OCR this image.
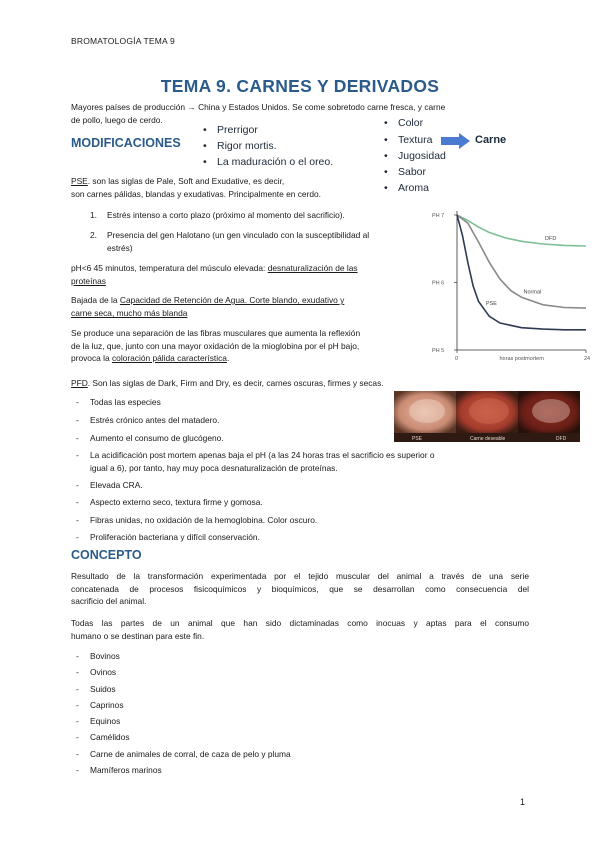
BROMATOLOGÍA TEMA 9
TEMA 9. CARNES Y DERIVADOS
Mayores países de producción → China y Estados Unidos. Se come sobretodo carne fresca, y carne
de pollo, luego de cerdo.
MODIFICACIONES
• Prerrigor
• Rigor mortis.
• La maduración o el oreo.
• Color
• Textura
• Jugosidad
• Sabor
• Aroma
Carne
PSE. son las siglas de Pale, Soft and Exudative, es decir,
son carnes pálidas, blandas y exudativas. Principalmente en cerdo.
1. Estrés intenso a corto plazo (próximo al momento del sacrificio).
2. Presencia del gen Halotano (un gen vinculado con la susceptibilidad al
estrés)
pH<6 45 minutos, temperatura del músculo elevada: desnaturalización de las
proteínas
Bajada de la Capacidad de Retención de Agua. Corte blando, exudativo y
carne seca, mucho más blanda
Se produce una separación de las fibras musculares que aumenta la reflexión
de la luz, que, junto con una mayor oxidación de la mioglobina por el pH bajo,
provoca la coloración pálida característica.
PH 7
PH 6
PH 5
0	24
horas postmortem
DFD
Normal
PSE
PSE	Carne deseable	DFD
PFD. Son las siglas de Dark, Firm and Dry, es decir, carnes oscuras, firmes y secas.
- Todas las especies
- Estrés crónico antes del matadero.
- Aumento el consumo de glucógeno.
- La acidificación post mortem apenas baja el pH (a las 24 horas tras el sacrificio es superior o
igual a 6), por tanto, hay muy poca desnaturalización de proteínas.
- Elevada CRA.
- Aspecto externo seco, textura firme y gomosa.
- Fibras unidas, no oxidación de la hemoglobina. Color oscuro.
- Proliferación bacteriana y difícil conservación.
CONCEPTO
Resultado de la transformación experimentada por el tejido muscular del animal a través de una serie
concatenada de procesos fisicoquímicos y bioquímicos, que se desarrollan como consecuencia del
sacrificio del animal.
Todas las partes de un animal que han sido dictaminadas como inocuas y aptas para el consumo
humano o se destinan para este fin.
- Bovinos
- Ovinos
- Suidos
- Caprinos
- Equinos
- Camélidos
- Carne de animales de corral, de caza de pelo y pluma
- Mamíferos marinos
1
